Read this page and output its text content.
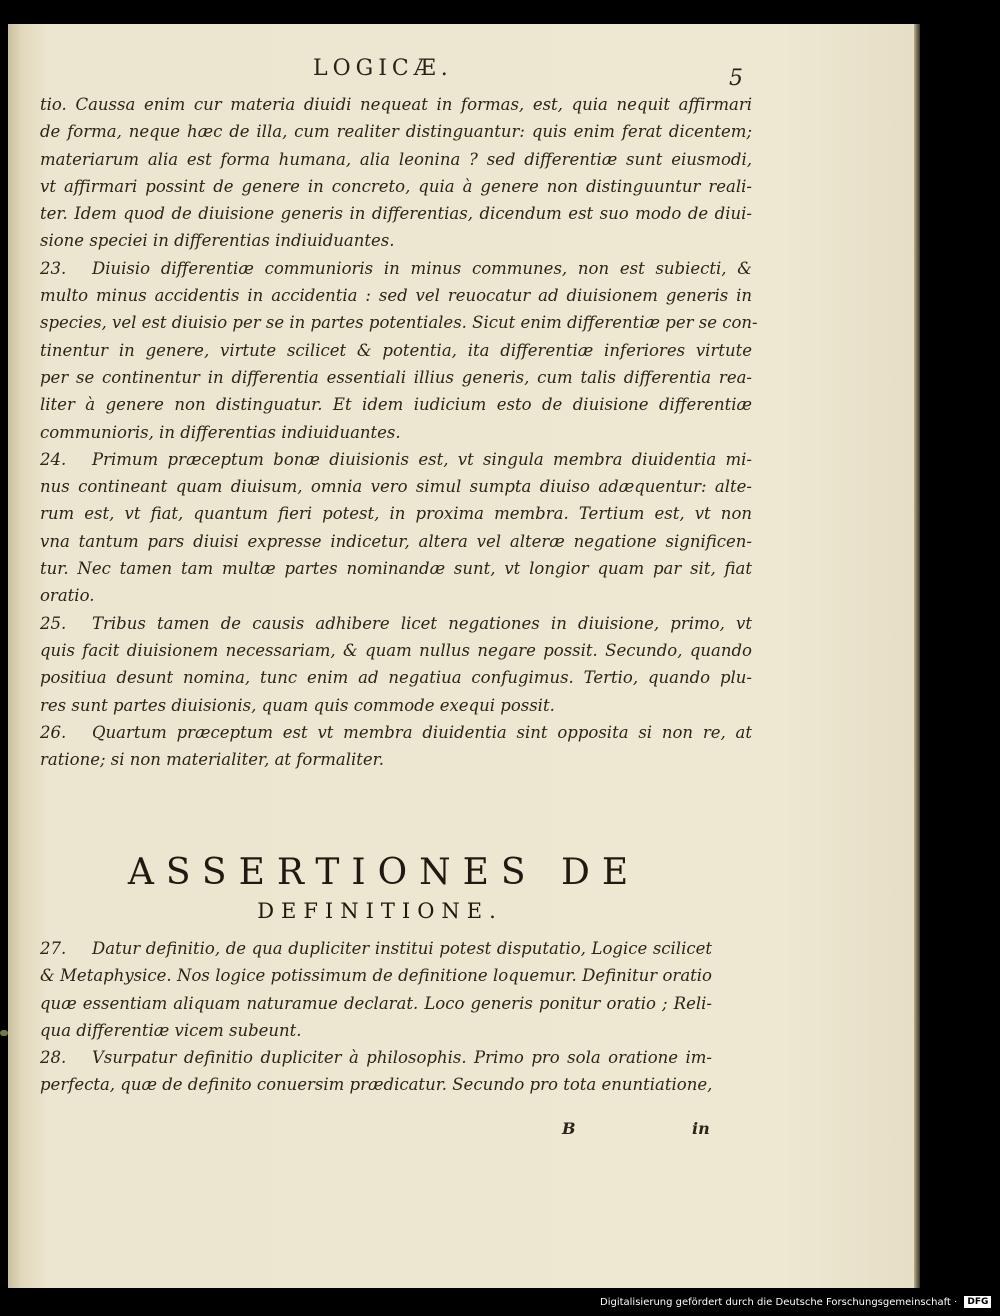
LOGICÆ.	5
tio. Caussa enim cur materia diuidi nequeat in formas, est, quia nequit affirmari
de forma, neque hæc de illa, cum realiter distinguantur: quis enim ferat dicentem;
materiarum alia est forma humana, alia leonina ? sed differentiæ sunt eiusmodi,
vt affirmari possint de genere in concreto, quia à genere non distinguuntur reali-
ter. Idem quod de diuisione generis in differentias, dicendum est suo modo de diui-
sione speciei in differentias indiuiduantes.
23. Diuisio differentiæ communioris in minus communes, non est subiecti, &
multo minus accidentis in accidentia : sed vel reuocatur ad diuisionem generis in
species, vel est diuisio per se in partes potentiales. Sicut enim differentiæ per se con-
tinentur in genere, virtute scilicet & potentia, ita differentiæ inferiores virtute
per se continentur in differentia essentiali illius generis, cum talis differentia rea-
liter à genere non distinguatur. Et idem iudicium esto de diuisione differentiæ
communioris, in differentias indiuiduantes.
24. Primum præceptum bonæ diuisionis est, vt singula membra diuidentia mi-
nus contineant quam diuisum, omnia vero simul sumpta diuiso adæquentur: alte-
rum est, vt fiat, quantum fieri potest, in proxima membra. Tertium est, vt non
vna tantum pars diuisi expresse indicetur, altera vel alteræ negatione significen-
tur. Nec tamen tam multæ partes nominandæ sunt, vt longior quam par sit, fiat
oratio.
25. Tribus tamen de causis adhibere licet negationes in diuisione, primo, vt
quis facit diuisionem necessariam, & quam nullus negare possit. Secundo, quando
positiua desunt nomina, tunc enim ad negatiua confugimus. Tertio, quando plu-
res sunt partes diuisionis, quam quis commode exequi possit.
26. Quartum præceptum est vt membra diuidentia sint opposita si non re, at
ratione; si non materialiter, at formaliter.
ASSERTIONES DE
DEFINITIONE.
27. Datur definitio, de qua dupliciter institui potest disputatio, Logice scilicet
& Metaphysice. Nos logice potissimum de definitione loquemur. Definitur oratio
quæ essentiam aliquam naturamue declarat. Loco generis ponitur oratio ; Reli-
qua differentiæ vicem subeunt.
28. Vsurpatur definitio dupliciter à philosophis. Primo pro sola oratione im-
perfecta, quæ de definito conuersim prædicatur. Secundo pro tota enuntiatione,
B	in
Digitalisierung gefördert durch die Deutsche Forschungsgemeinschaft · DFG
